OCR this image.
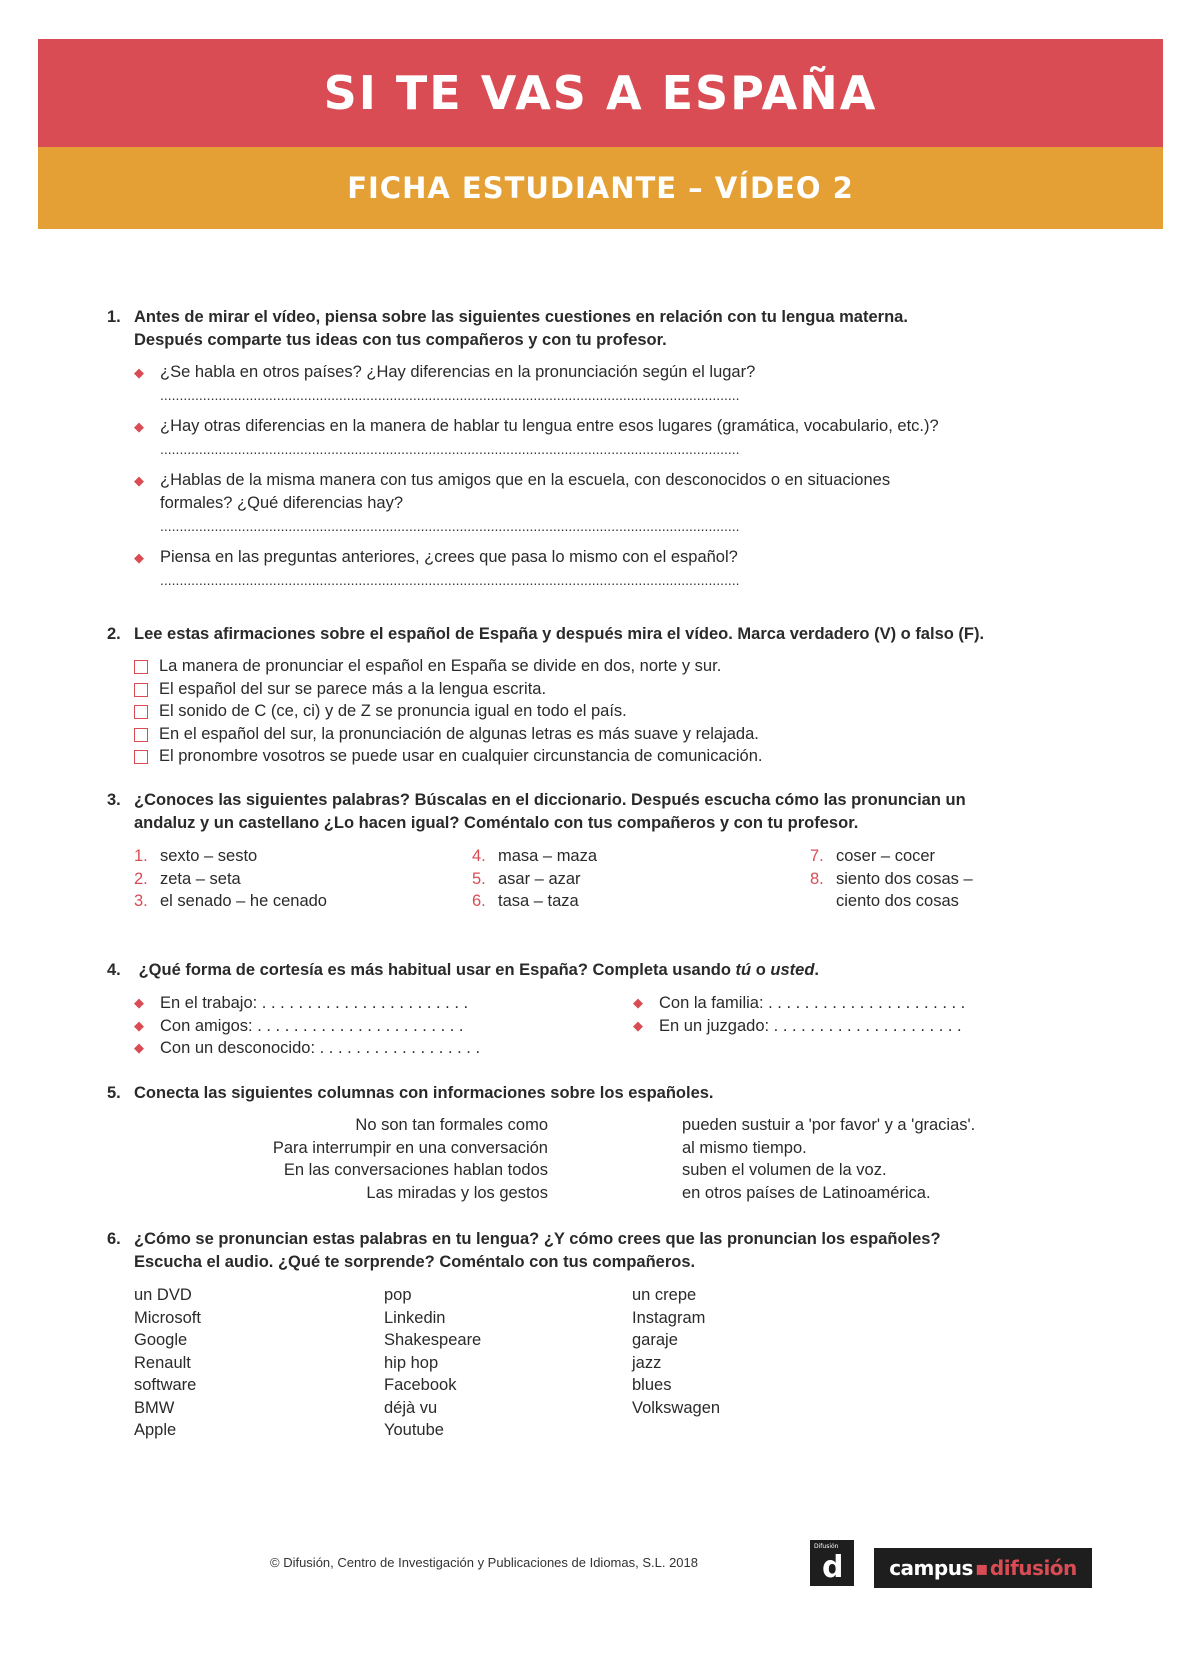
SI TE VAS A ESPAÑA
FICHA ESTUDIANTE – VÍDEO 2
1. Antes de mirar el vídeo, piensa sobre las siguientes cuestiones en relación con tu lengua materna.
Después comparte tus ideas con tus compañeros y con tu profesor.
◆ ¿Se habla en otros países? ¿Hay diferencias en la pronunciación según el lugar?
.....................................................................................................................................................
◆ ¿Hay otras diferencias en la manera de hablar tu lengua entre esos lugares (gramática, vocabulario, etc.)?
.....................................................................................................................................................
◆ ¿Hablas de la misma manera con tus amigos que en la escuela, con desconocidos o en situaciones
formales? ¿Qué diferencias hay?
.....................................................................................................................................................
◆ Piensa en las preguntas anteriores, ¿crees que pasa lo mismo con el español?
.....................................................................................................................................................
2. Lee estas afirmaciones sobre el español de España y después mira el vídeo. Marca verdadero (V) o falso (F).
La manera de pronunciar el español en España se divide en dos, norte y sur.
El español del sur se parece más a la lengua escrita.
El sonido de C (ce, ci) y de Z se pronuncia igual en todo el país.
En el español del sur, la pronunciación de algunas letras es más suave y relajada.
El pronombre vosotros se puede usar en cualquier circunstancia de comunicación.
3. ¿Conoces las siguientes palabras? Búscalas en el diccionario. Después escucha cómo las pronuncian un
andaluz y un castellano ¿Lo hacen igual? Coméntalo con tus compañeros y con tu profesor.
1. sexto – sesto
2. zeta – seta
3. el senado – he cenado
4. masa – maza
5. asar – azar
6. tasa – taza
7. coser – cocer
8. siento dos cosas –
ciento dos cosas
4.	¿Qué forma de cortesía es más habitual usar en España? Completa usando tú o usted.
◆ En el trabajo: . . . . . . . . . . . . . . . . . . . . . . .
◆ Con amigos: . . . . . . . . . . . . . . . . . . . . . . .
◆ Con un desconocido: . . . . . . . . . . . . . . . . . .
◆ Con la familia: . . . . . . . . . . . . . . . . . . . . . .
◆ En un juzgado: . . . . . . . . . . . . . . . . . . . . .
5. Conecta las siguientes columnas con informaciones sobre los españoles.
No son tan formales como
Para interrumpir en una conversación
En las conversaciones hablan todos
Las miradas y los gestos
pueden sustuir a 'por favor' y a 'gracias'.
al mismo tiempo.
suben el volumen de la voz.
en otros países de Latinoamérica.
6. ¿Cómo se pronuncian estas palabras en tu lengua? ¿Y cómo crees que las pronuncian los españoles?
Escucha el audio. ¿Qué te sorprende? Coméntalo con tus compañeros.
un DVD
Microsoft
Google
Renault
software
BMW
Apple
pop
Linkedin
Shakespeare
hip hop
Facebook
déjà vu
Youtube
un crepe
Instagram
garaje
jazz
blues
Volkswagen
© Difusión, Centro de Investigación y Publicaciones de Idiomas, S.L. 2018
Difusión
d campus ▪ difusión
